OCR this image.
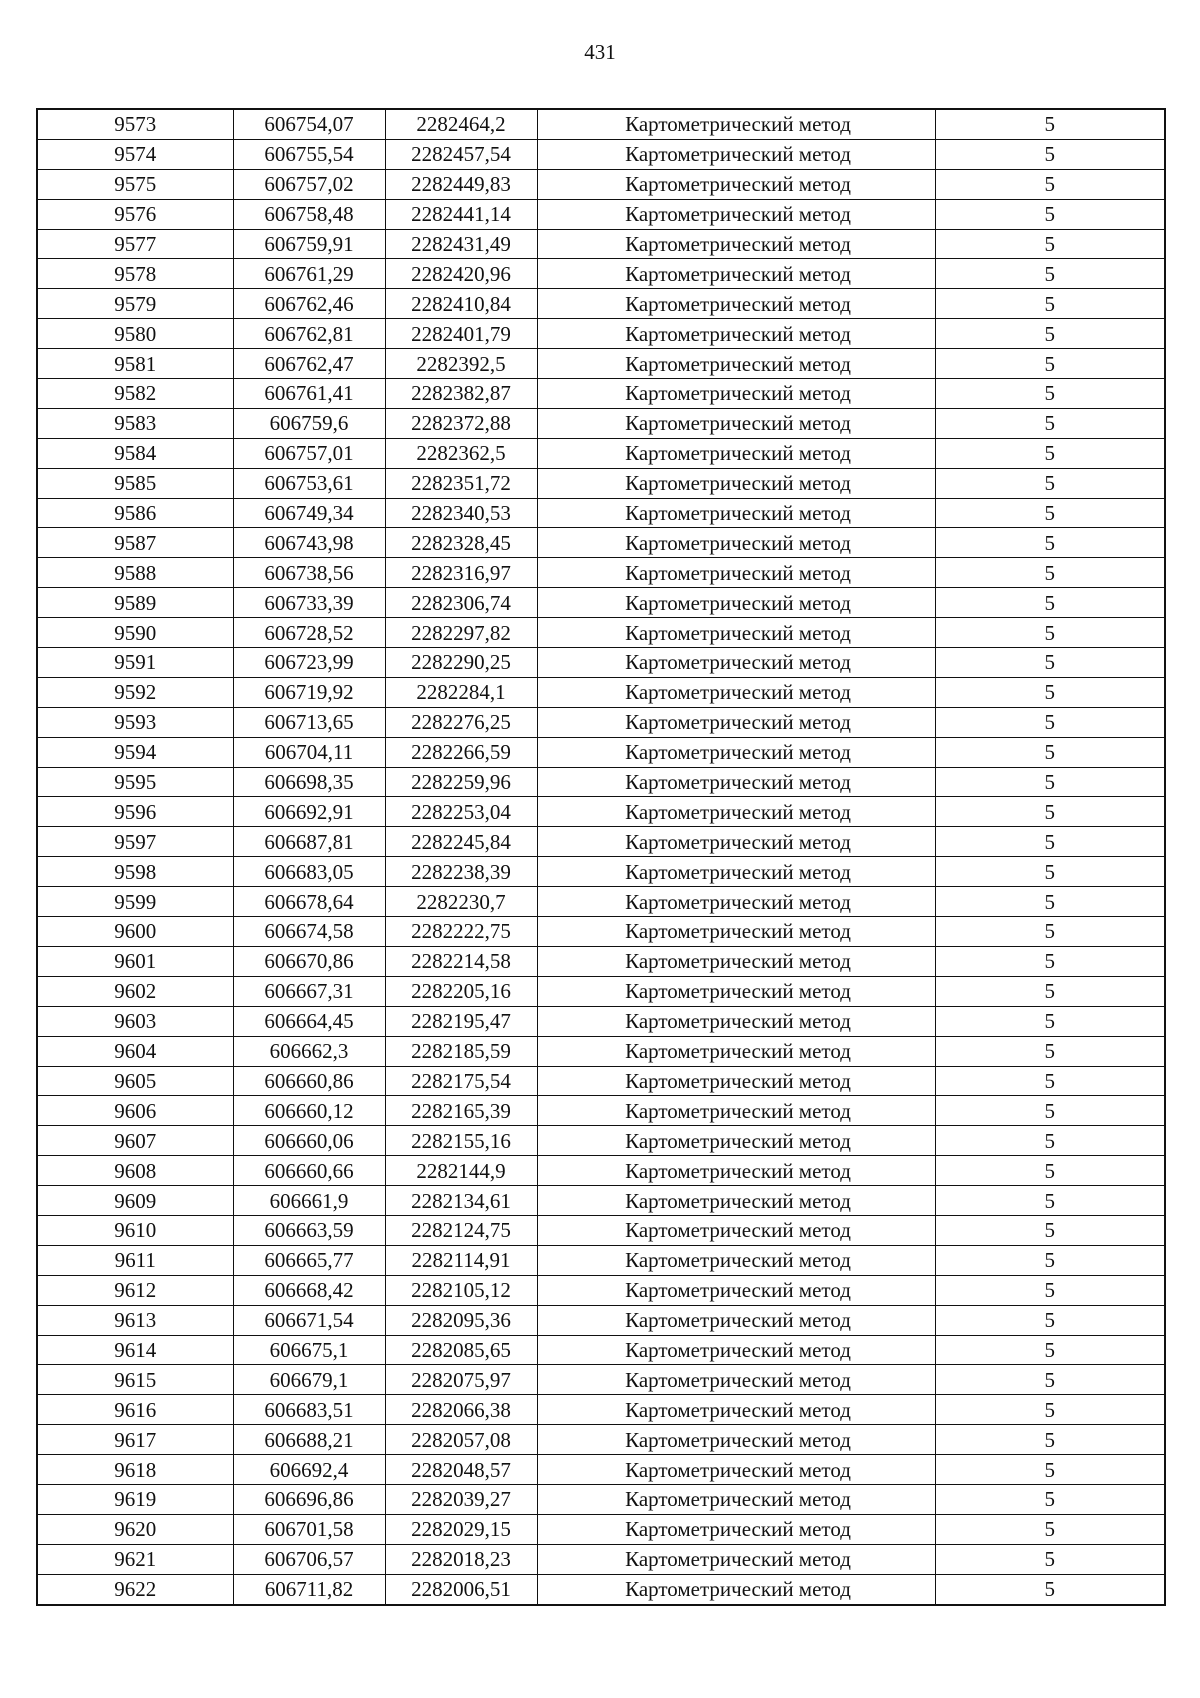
431
9573	606754,07	2282464,2	Картометрический метод	5
9574	606755,54	2282457,54	Картометрический метод	5
9575	606757,02	2282449,83	Картометрический метод	5
9576	606758,48	2282441,14	Картометрический метод	5
9577	606759,91	2282431,49	Картометрический метод	5
9578	606761,29	2282420,96	Картометрический метод	5
9579	606762,46	2282410,84	Картометрический метод	5
9580	606762,81	2282401,79	Картометрический метод	5
9581	606762,47	2282392,5	Картометрический метод	5
9582	606761,41	2282382,87	Картометрический метод	5
9583	606759,6	2282372,88	Картометрический метод	5
9584	606757,01	2282362,5	Картометрический метод	5
9585	606753,61	2282351,72	Картометрический метод	5
9586	606749,34	2282340,53	Картометрический метод	5
9587	606743,98	2282328,45	Картометрический метод	5
9588	606738,56	2282316,97	Картометрический метод	5
9589	606733,39	2282306,74	Картометрический метод	5
9590	606728,52	2282297,82	Картометрический метод	5
9591	606723,99	2282290,25	Картометрический метод	5
9592	606719,92	2282284,1	Картометрический метод	5
9593	606713,65	2282276,25	Картометрический метод	5
9594	606704,11	2282266,59	Картометрический метод	5
9595	606698,35	2282259,96	Картометрический метод	5
9596	606692,91	2282253,04	Картометрический метод	5
9597	606687,81	2282245,84	Картометрический метод	5
9598	606683,05	2282238,39	Картометрический метод	5
9599	606678,64	2282230,7	Картометрический метод	5
9600	606674,58	2282222,75	Картометрический метод	5
9601	606670,86	2282214,58	Картометрический метод	5
9602	606667,31	2282205,16	Картометрический метод	5
9603	606664,45	2282195,47	Картометрический метод	5
9604	606662,3	2282185,59	Картометрический метод	5
9605	606660,86	2282175,54	Картометрический метод	5
9606	606660,12	2282165,39	Картометрический метод	5
9607	606660,06	2282155,16	Картометрический метод	5
9608	606660,66	2282144,9	Картометрический метод	5
9609	606661,9	2282134,61	Картометрический метод	5
9610	606663,59	2282124,75	Картометрический метод	5
9611	606665,77	2282114,91	Картометрический метод	5
9612	606668,42	2282105,12	Картометрический метод	5
9613	606671,54	2282095,36	Картометрический метод	5
9614	606675,1	2282085,65	Картометрический метод	5
9615	606679,1	2282075,97	Картометрический метод	5
9616	606683,51	2282066,38	Картометрический метод	5
9617	606688,21	2282057,08	Картометрический метод	5
9618	606692,4	2282048,57	Картометрический метод	5
9619	606696,86	2282039,27	Картометрический метод	5
9620	606701,58	2282029,15	Картометрический метод	5
9621	606706,57	2282018,23	Картометрический метод	5
9622	606711,82	2282006,51	Картометрический метод	5
